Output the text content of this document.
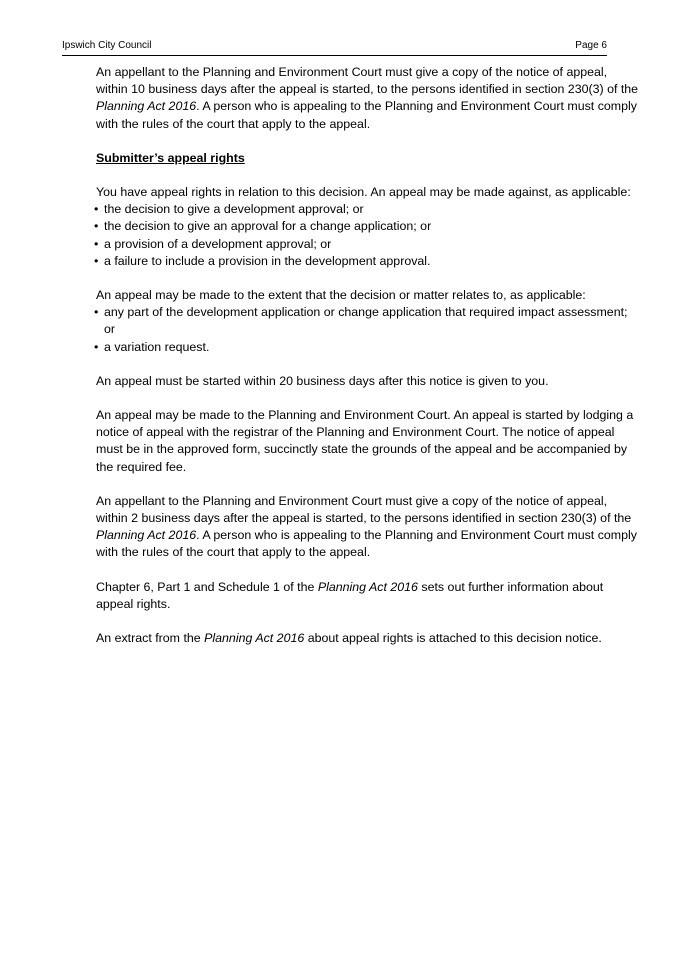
Ipswich City Council	Page 6

An appellant to the Planning and Environment Court must give a copy of the notice of appeal, within 10 business days after the appeal is started, to the persons identified in section 230(3) of the Planning Act 2016. A person who is appealing to the Planning and Environment Court must comply with the rules of the court that apply to the appeal.

Submitter’s appeal rights

You have appeal rights in relation to this decision. An appeal may be made against, as applicable:

• the decision to give a development approval; or
• the decision to give an approval for a change application; or
• a provision of a development approval; or
• a failure to include a provision in the development approval.

An appeal may be made to the extent that the decision or matter relates to, as applicable:

• any part of the development application or change application that required impact assessment; or
• a variation request.

An appeal must be started within 20 business days after this notice is given to you.

An appeal may be made to the Planning and Environment Court. An appeal is started by lodging a notice of appeal with the registrar of the Planning and Environment Court. The notice of appeal must be in the approved form, succinctly state the grounds of the appeal and be accompanied by the required fee.

An appellant to the Planning and Environment Court must give a copy of the notice of appeal, within 2 business days after the appeal is started, to the persons identified in section 230(3) of the Planning Act 2016. A person who is appealing to the Planning and Environment Court must comply with the rules of the court that apply to the appeal.

Chapter 6, Part 1 and Schedule 1 of the Planning Act 2016 sets out further information about appeal rights.

An extract from the Planning Act 2016 about appeal rights is attached to this decision notice.
